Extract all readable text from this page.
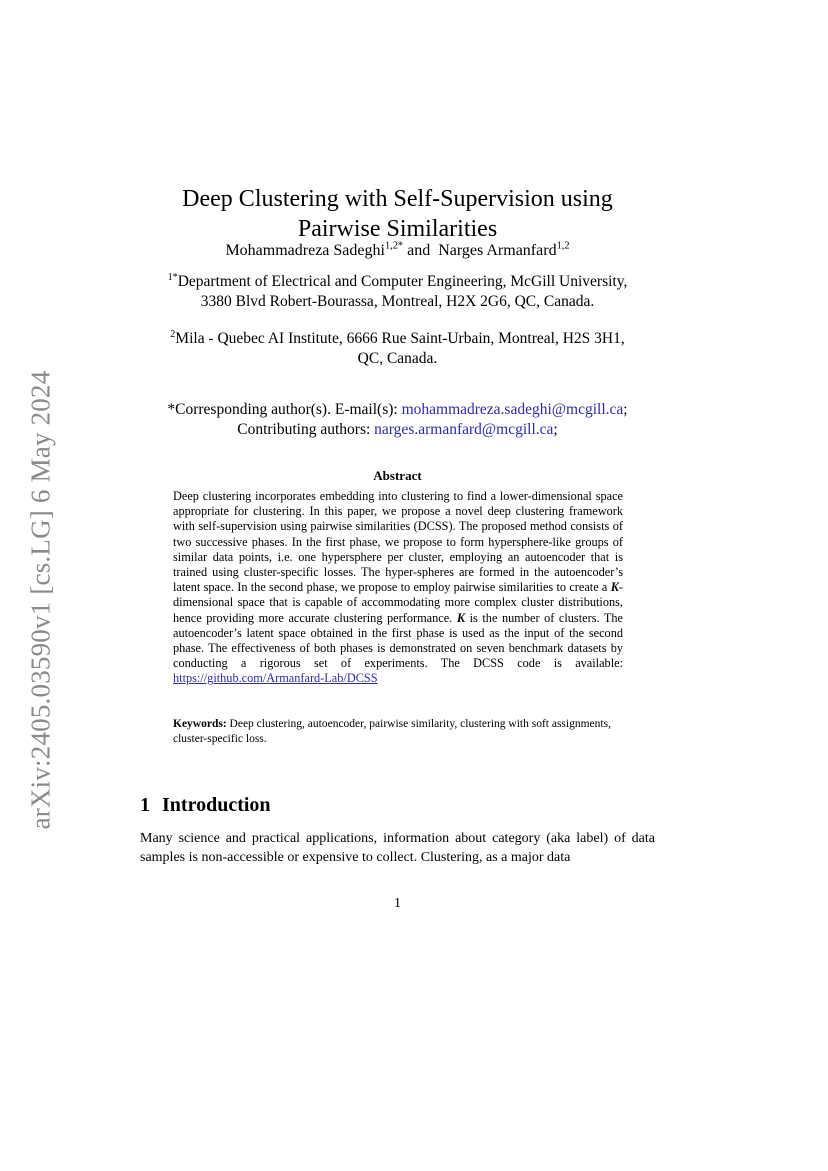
arXiv:2405.03590v1 [cs.LG] 6 May 2024
Deep Clustering with Self-Supervision using Pairwise Similarities
Mohammadreza Sadeghi$^{1,2*}$ and Narges Armanfard$^{1,2}$
$^{1*}$Department of Electrical and Computer Engineering, McGill University, 3380 Blvd Robert-Bourassa, Montreal, H2X 2G6, QC, Canada.
$^2$Mila - Quebec AI Institute, 6666 Rue Saint-Urbain, Montreal, H2S 3H1, QC, Canada.
*Corresponding author(s). E-mail(s): mohammadreza.sadeghi@mcgill.ca;
Contributing authors: narges.armanfard@mcgill.ca;
Abstract
Deep clustering incorporates embedding into clustering to find a lower-dimensional space appropriate for clustering. In this paper, we propose a novel deep clustering framework with self-supervision using pairwise similarities (DCSS). The proposed method consists of two successive phases. In the first phase, we propose to form hypersphere-like groups of similar data points, i.e. one hypersphere per cluster, employing an autoencoder that is trained using cluster-specific losses. The hyper-spheres are formed in the autoencoder’s latent space. In the second phase, we propose to employ pairwise similarities to create a K-dimensional space that is capable of accommodating more complex cluster distributions, hence providing more accurate clustering performance. K is the number of clusters. The autoencoder’s latent space obtained in the first phase is used as the input of the second phase. The effectiveness of both phases is demonstrated on seven benchmark datasets by conducting a rigorous set of experiments. The DCSS code is available: https://github.com/Armanfard-Lab/DCSS
Keywords: Deep clustering, autoencoder, pairwise similarity, clustering with soft assignments, cluster-specific loss.
1 Introduction
Many science and practical applications, information about category (aka label) of data samples is non-accessible or expensive to collect. Clustering, as a major data
1
